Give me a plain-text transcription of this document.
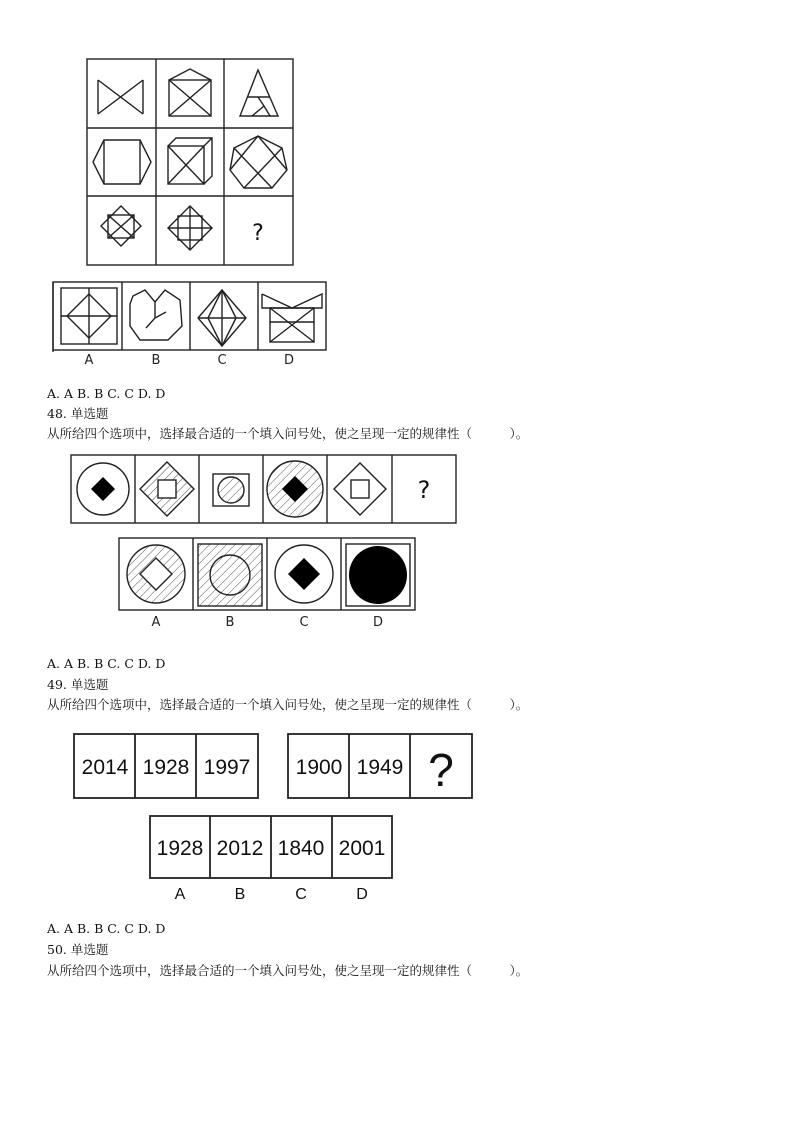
?
A	B	C	D
A. A B. B C. C D. D
48. 单选题
从所给四个选项中，选择最合适的一个填入问号处，使之呈现一定的规律性（　　　）。
?
A	B	C	D
A. A B. B C. C D. D
49. 单选题
从所给四个选项中，选择最合适的一个填入问号处，使之呈现一定的规律性（　　　）。
2014 1928 1997 1900 1949 ?
1928 2012 1840 2001
A	B	C	D
A. A B. B C. C D. D
50. 单选题
从所给四个选项中，选择最合适的一个填入问号处，使之呈现一定的规律性（　　　）。
